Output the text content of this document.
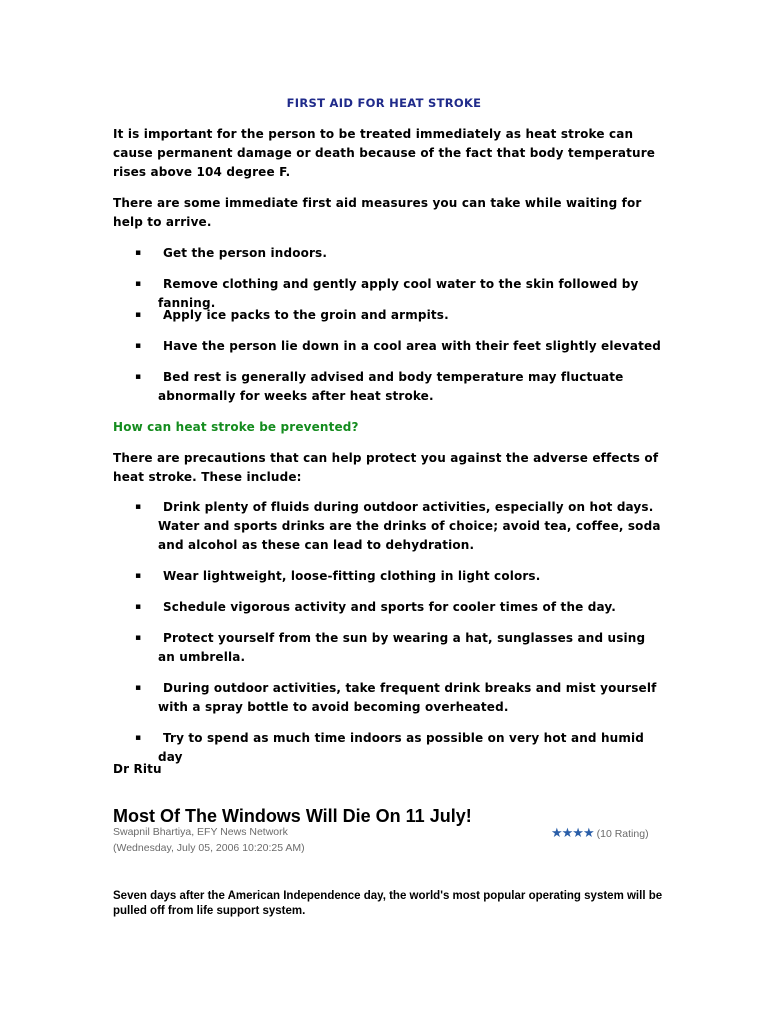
FIRST AID FOR HEAT STROKE

It is important for the person to be treated immediately as heat stroke can cause permanent damage or death because of the fact that body temperature rises above 104 degree F.

There are some immediate first aid measures you can take while waiting for help to arrive.

▪	Get the person indoors.
▪	Remove clothing and gently apply cool water to the skin followed by fanning.
▪	Apply ice packs to the groin and armpits.
▪	Have the person lie down in a cool area with their feet slightly elevated
▪	Bed rest is generally advised and body temperature may fluctuate abnormally for weeks after heat stroke.

How can heat stroke be prevented?

There are precautions that can help protect you against the adverse effects of heat stroke. These include:

▪	Drink plenty of fluids during outdoor activities, especially on hot days. Water and sports drinks are the drinks of choice; avoid tea, coffee, soda and alcohol as these can lead to dehydration.
▪	Wear lightweight, loose-fitting clothing in light colors.
▪	Schedule vigorous activity and sports for cooler times of the day.
▪	Protect yourself from the sun by wearing a hat, sunglasses and using an umbrella.
▪	During outdoor activities, take frequent drink breaks and mist yourself with a spray bottle to avoid becoming overheated.
▪	Try to spend as much time indoors as possible on very hot and humid day

Dr Ritu

Most Of The Windows Will Die On 11 July!
Swapnil Bhartiya, EFY News Network
(Wednesday, July 05, 2006 10:20:25 AM)
★★★★ (10 Rating)
Seven days after the American Independence day, the world's most popular operating system will be pulled off from life support system.
